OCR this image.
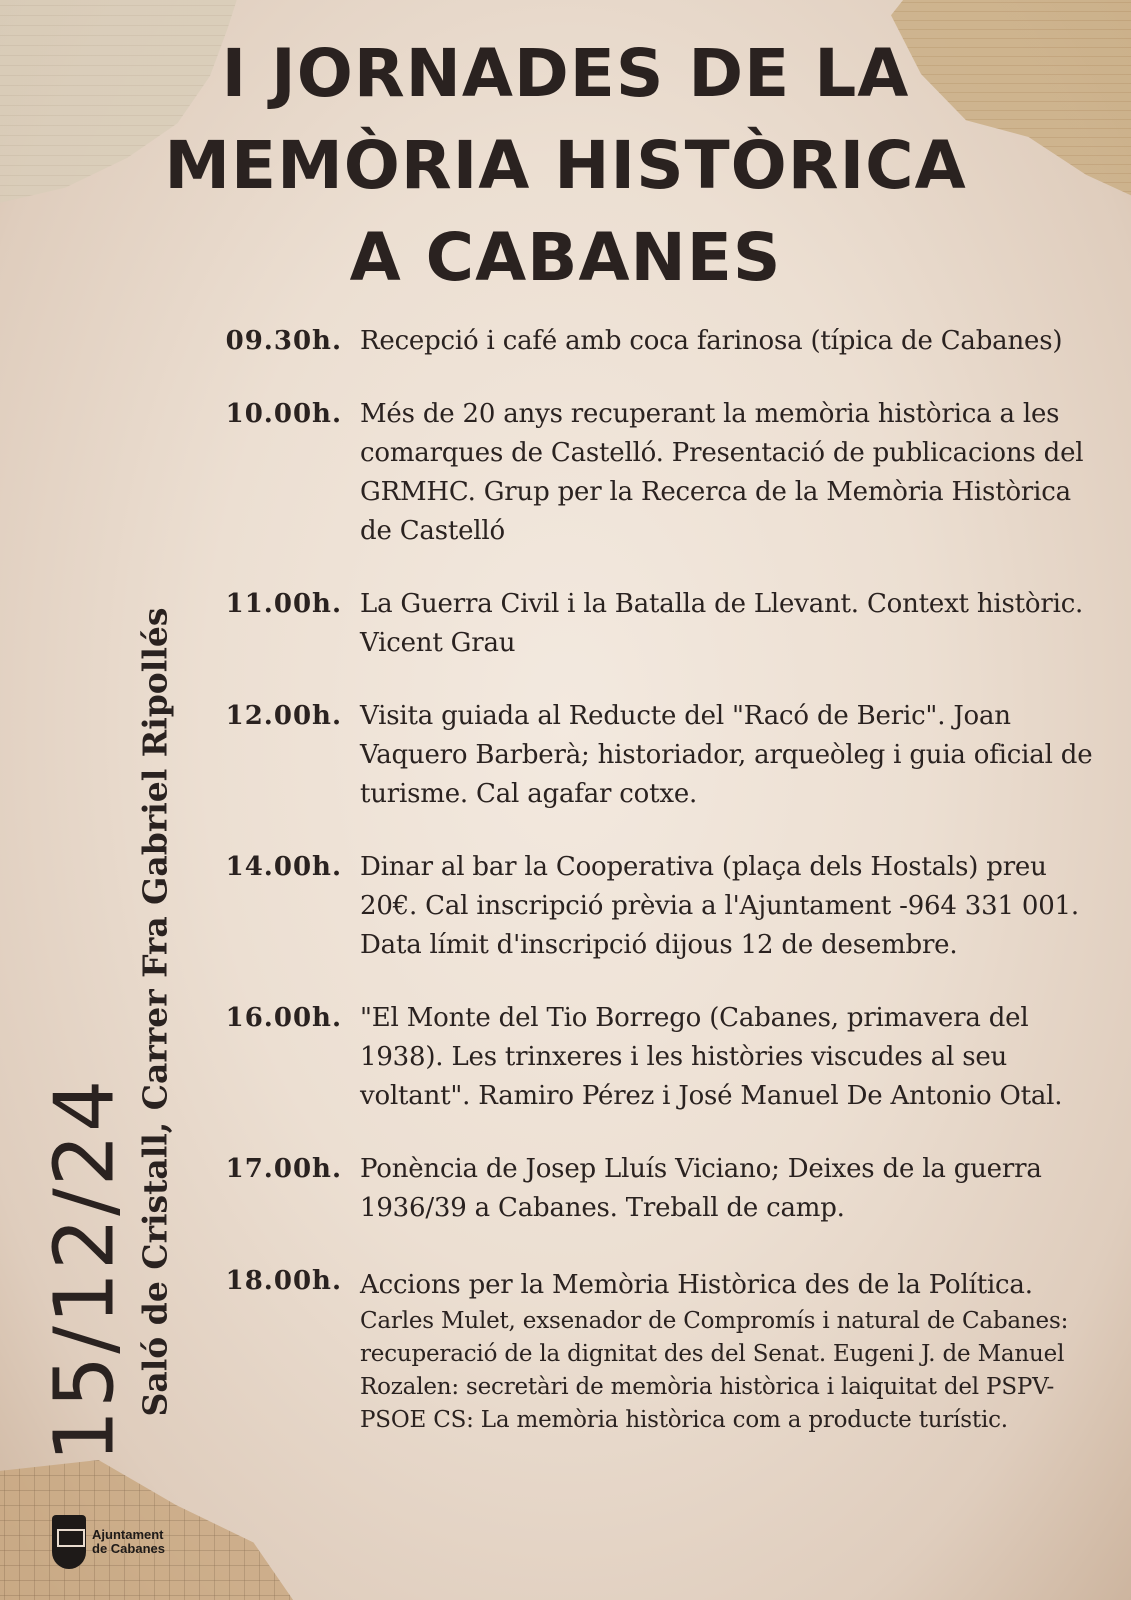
I JORNADES DE LA
MEMÒRIA HISTÒRICA
A CABANES
09.30h. Recepció i café amb coca farinosa (típica de Cabanes)
10.00h. Més de 20 anys recuperant la memòria històrica a les comarques de Castelló. Presentació de publicacions del GRMHC. Grup per la Recerca de la Memòria Històrica de Castelló
11.00h. La Guerra Civil i la Batalla de Llevant. Context històric. Vicent Grau
12.00h. Visita guiada al Reducte del "Racó de Beric". Joan Vaquero Barberà; historiador, arqueòleg i guia oficial de turisme. Cal agafar cotxe.
14.00h. Dinar al bar la Cooperativa (plaça dels Hostals) preu 20€. Cal inscripció prèvia a l'Ajuntament -964 331 001. Data límit d'inscripció dijous 12 de desembre.
16.00h. "El Monte del Tio Borrego (Cabanes, primavera del 1938). Les trinxeres i les històries viscudes al seu voltant". Ramiro Pérez i José Manuel De Antonio Otal.
17.00h. Ponència de Josep Lluís Viciano; Deixes de la guerra 1936/39 a Cabanes. Treball de camp.
18.00h. Accions per la Memòria Històrica des de la Política.
Carles Mulet, exsenador de Compromís i natural de Cabanes: recuperació de la dignitat des del Senat. Eugeni J. de Manuel Rozalen: secretàri de memòria històrica i laiquitat del PSPV-PSOE CS: La memòria històrica com a producte turístic.
15/12/24 Saló de Cristall, Carrer Fra Gabriel Ripollés
Ajuntament
de Cabanes
